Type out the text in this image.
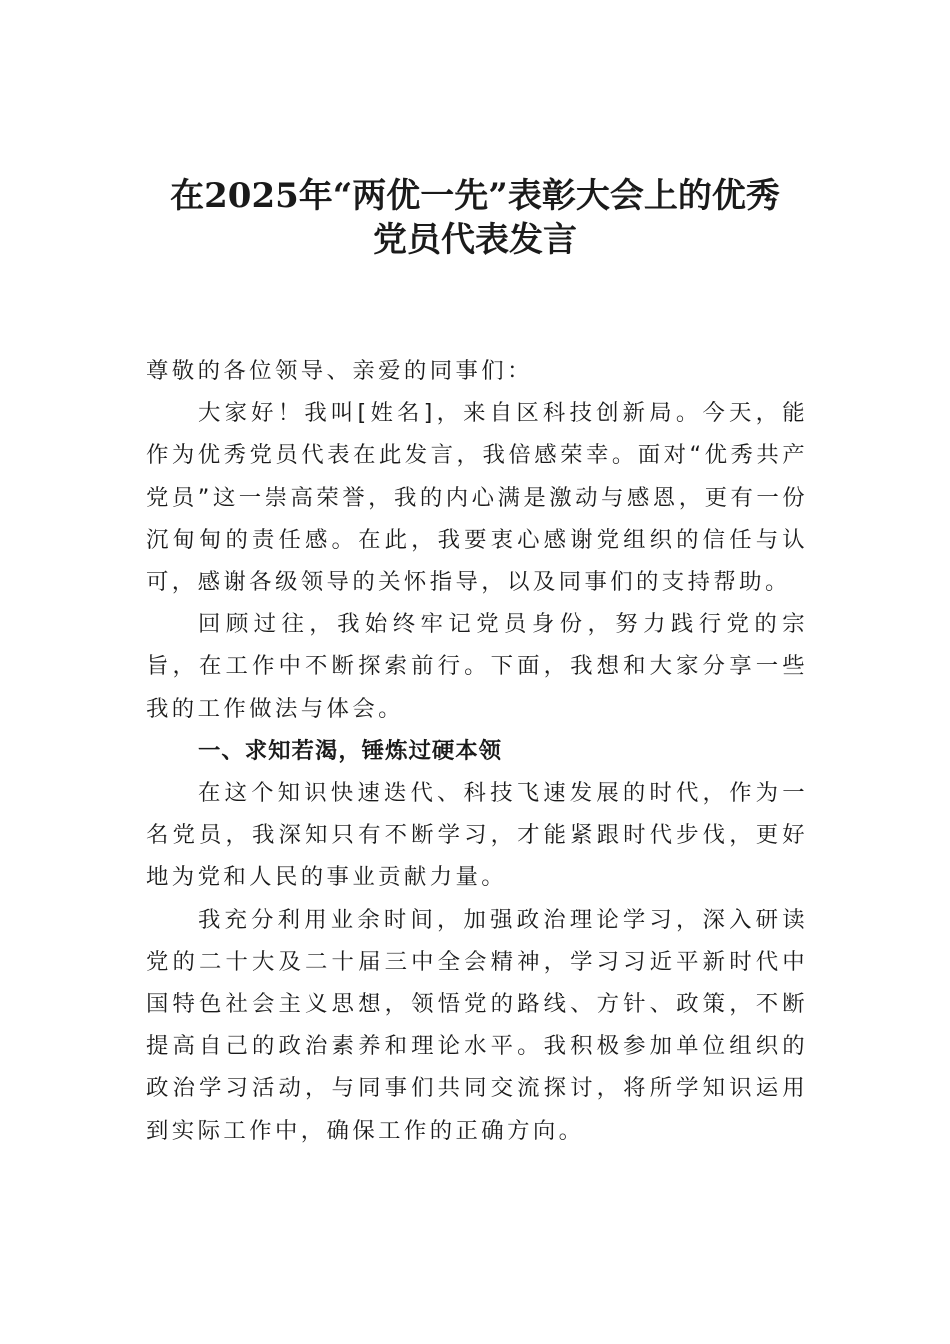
在2025年“两优一先”表彰大会上的优秀
党员代表发言

尊敬的各位领导、亲爱的同事们：

大家好！我叫[姓名]，来自区科技创新局。今天，能作为优秀党员代表在此发言，我倍感荣幸。面对“优秀共产党员”这一崇高荣誉，我的内心满是激动与感恩，更有一份沉甸甸的责任感。在此，我要衷心感谢党组织的信任与认可，感谢各级领导的关怀指导，以及同事们的支持帮助。

回顾过往，我始终牢记党员身份，努力践行党的宗旨，在工作中不断探索前行。下面，我想和大家分享一些我的工作做法与体会。

一、求知若渴，锤炼过硬本领

在这个知识快速迭代、科技飞速发展的时代，作为一名党员，我深知只有不断学习，才能紧跟时代步伐，更好地为党和人民的事业贡献力量。

我充分利用业余时间，加强政治理论学习，深入研读党的二十大及二十届三中全会精神，学习习近平新时代中国特色社会主义思想，领悟党的路线、方针、政策，不断提高自己的政治素养和理论水平。我积极参加单位组织的政治学习活动，与同事们共同交流探讨，将所学知识运用到实际工作中，确保工作的正确方向。
